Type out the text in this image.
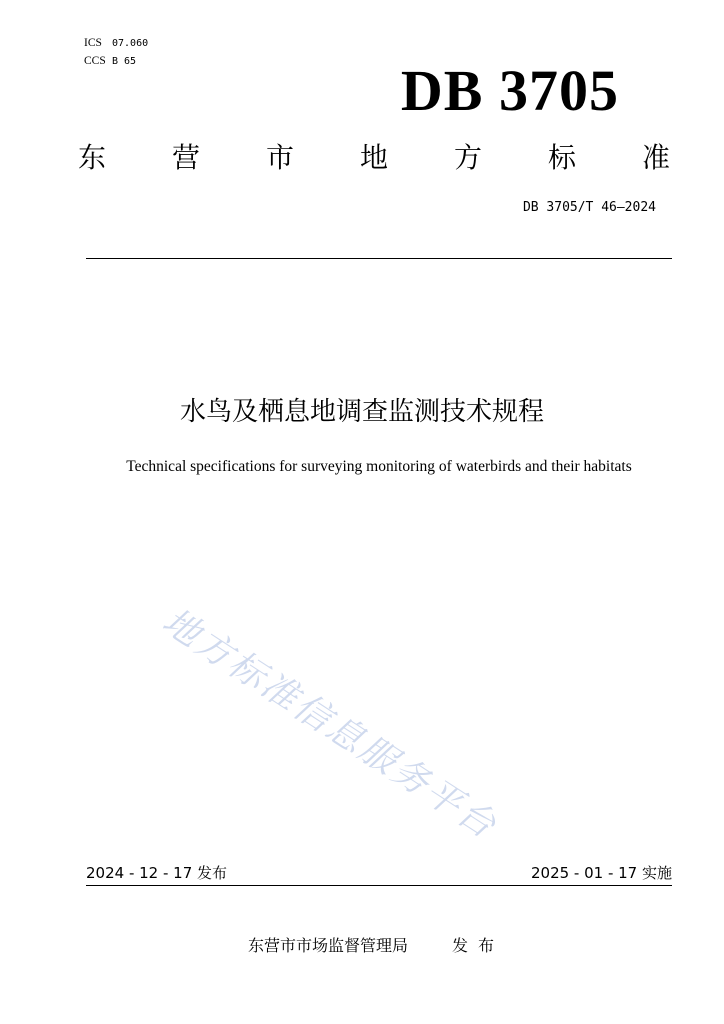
ICS 07.060
CCS B 65	DB 3705
东 营 市 地 方 标 准
DB 3705/T 46—2024
水鸟及栖息地调查监测技术规程
Technical specifications for surveying monitoring of waterbirds and their habitats
地方标准信息服务平台
2024 - 12 - 17 发布	2025 - 01 - 17 实施
东营市市场监督管理局	发布
